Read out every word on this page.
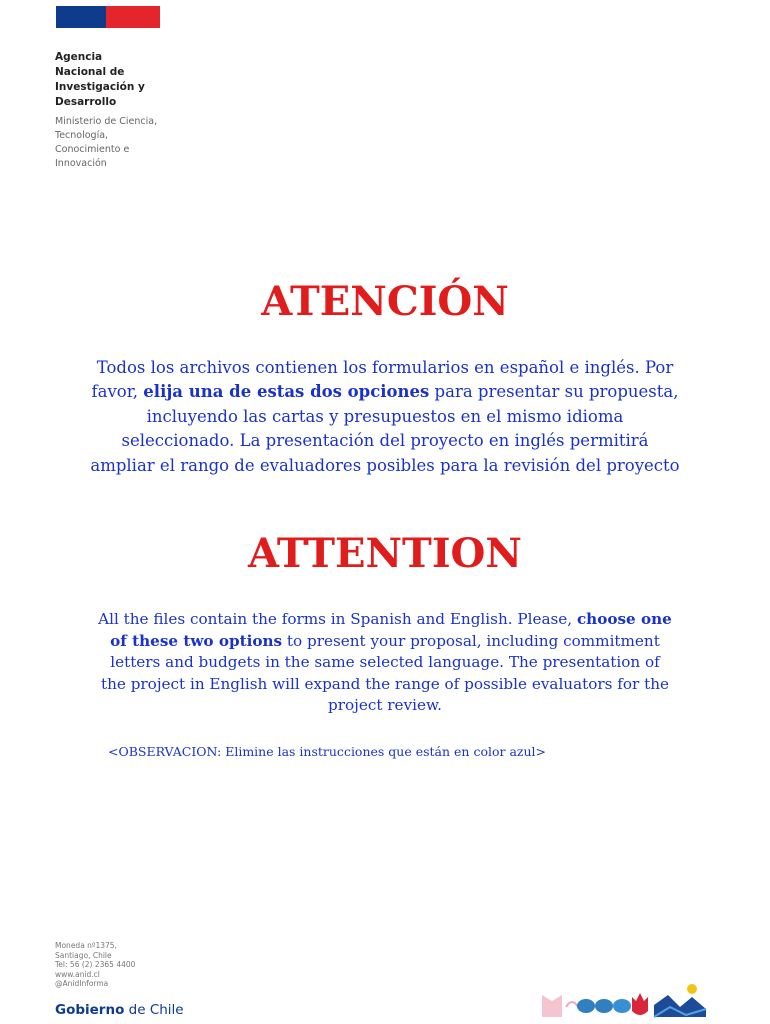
Agencia
Nacional de
Investigación y
Desarrollo
Ministerio de Ciencia,
Tecnología,
Conocimiento e
Innovación
ATENCIÓN
Todos los archivos contienen los formularios en español e inglés. Por favor, elija una de estas dos opciones para presentar su propuesta, incluyendo las cartas y presupuestos en el mismo idioma seleccionado. La presentación del proyecto en inglés permitirá ampliar el rango de evaluadores posibles para la revisión del proyecto
ATTENTION
All the files contain the forms in Spanish and English. Please, choose one of these two options to present your proposal, including commitment letters and budgets in the same selected language. The presentation of the project in English will expand the range of possible evaluators for the project review.
<OBSERVACION: Elimine las instrucciones que están en color azul>
Moneda nº1375,
Santiago, Chile
Tel: 56 (2) 2365 4400
www.anid.cl
@AnidInforma
Gobierno de Chile
